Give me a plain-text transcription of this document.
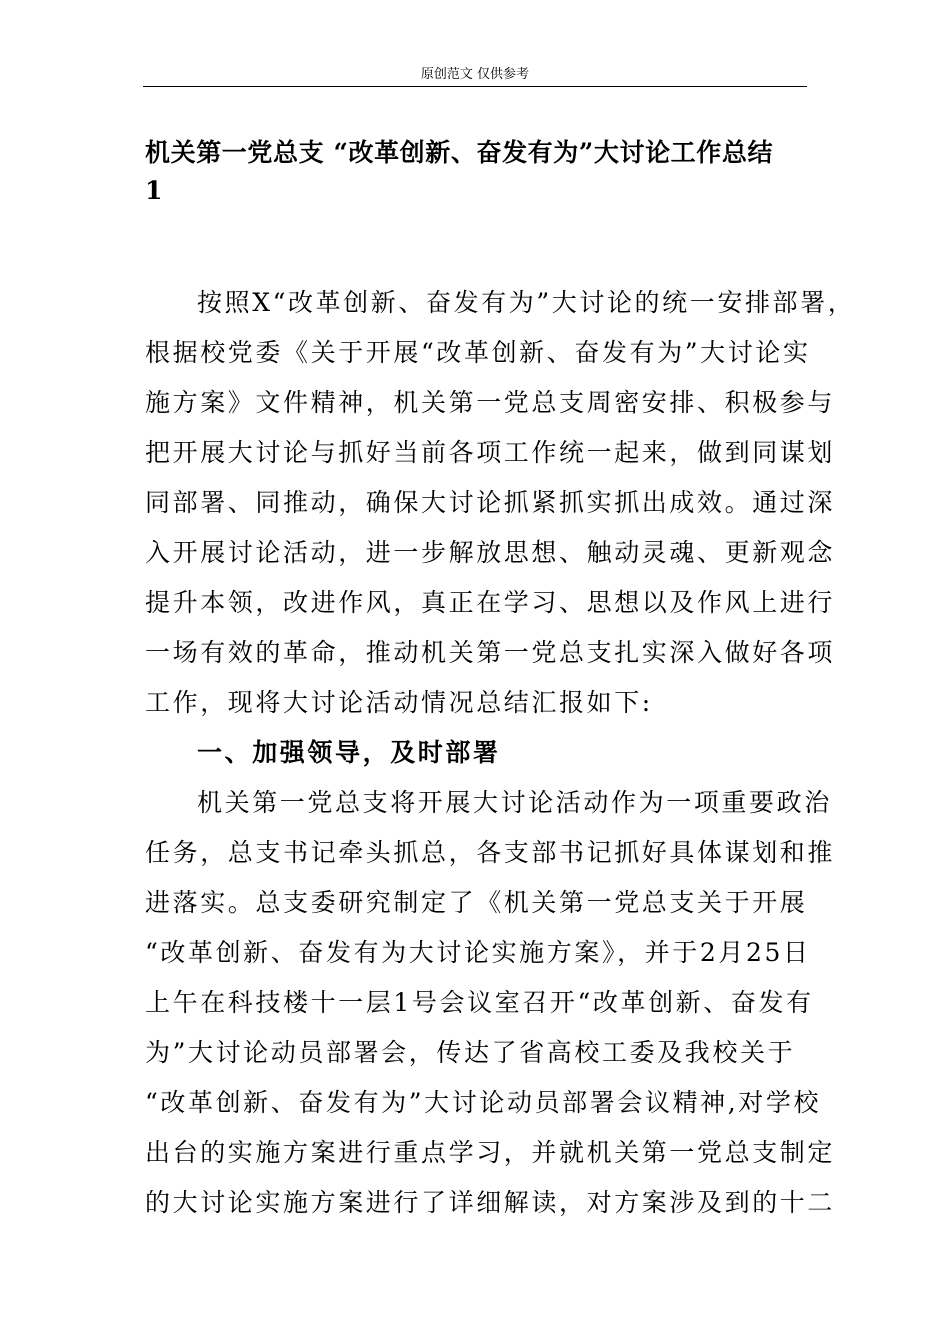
原创范文 仅供参考
机关第一党总支 “改革创新、奋发有为”大讨论工作总结
1
按照X“改革创新、奋发有为”大讨论的统一安排部署，
根据校党委《关于开展“改革创新、奋发有为”大讨论实
施方案》文件精神，机关第一党总支周密安排、积极参与
把开展大讨论与抓好当前各项工作统一起来，做到同谋划
同部署、同推动，确保大讨论抓紧抓实抓出成效。通过深
入开展讨论活动，进一步解放思想、触动灵魂、更新观念
提升本领，改进作风，真正在学习、思想以及作风上进行
一场有效的革命，推动机关第一党总支扎实深入做好各项
工作，现将大讨论活动情况总结汇报如下:
一、加强领导，及时部署
机关第一党总支将开展大讨论活动作为一项重要政治
任务，总支书记牵头抓总，各支部书记抓好具体谋划和推
进落实。总支委研究制定了《机关第一党总支关于开展
“改革创新、奋发有为大讨论实施方案》，并于2月25日
上午在科技楼十一层1号会议室召开“改革创新、奋发有
为”大讨论动员部署会，传达了省高校工委及我校关于
“改革创新、奋发有为”大讨论动员部署会议精神,对学校
出台的实施方案进行重点学习，并就机关第一党总支制定
的大讨论实施方案进行了详细解读，对方案涉及到的十二
